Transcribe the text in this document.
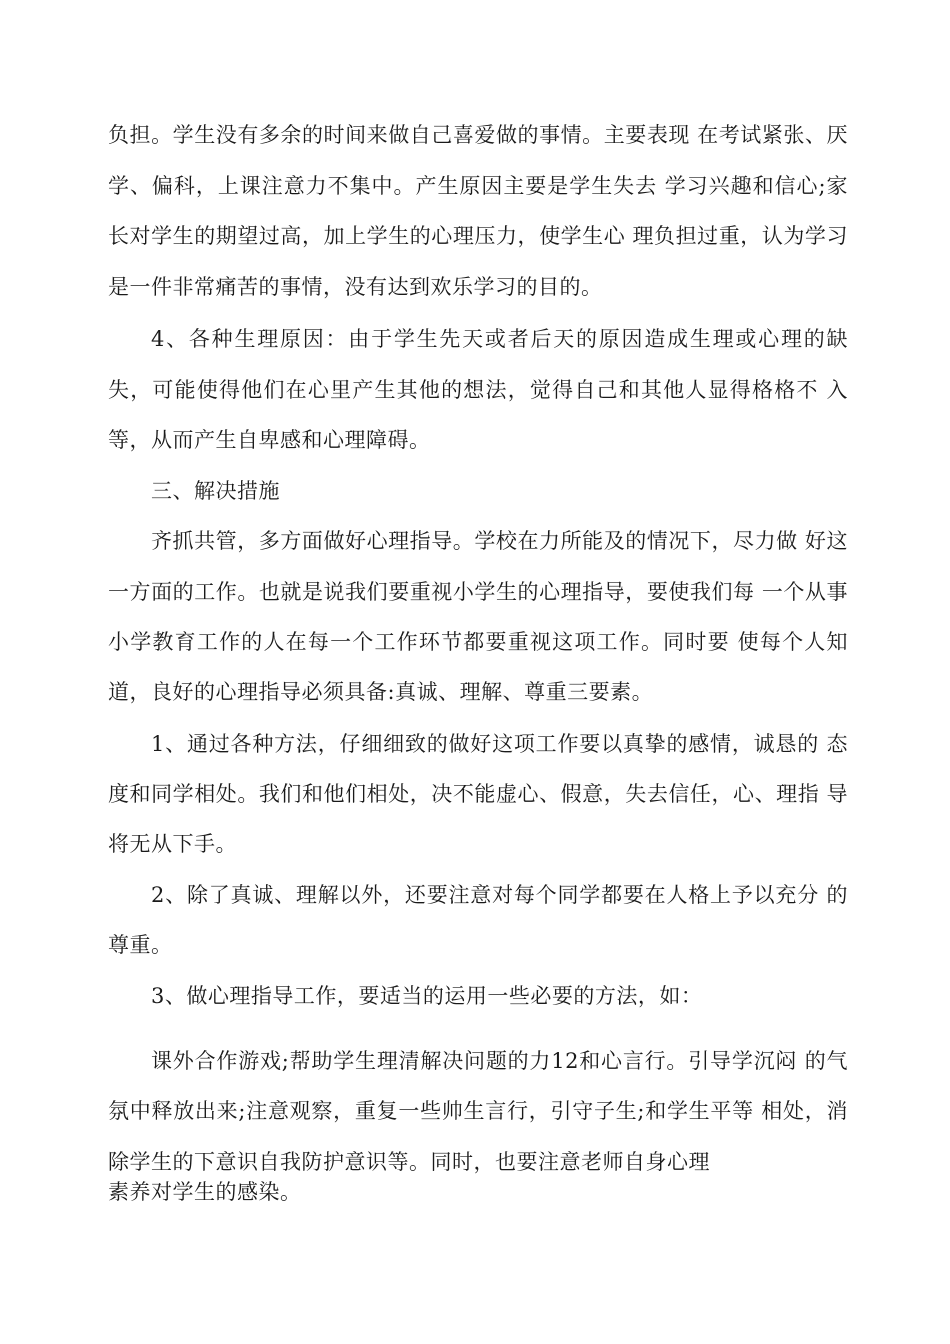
负担。学生没有多余的时间来做自己喜爱做的事情。主要表现 在考试紧张、厌
学、偏科，上课注意力不集中。产生原因主要是学生失去 学习兴趣和信心;家
长对学生的期望过高，加上学生的心理压力，使学生心 理负担过重，认为学习
是一件非常痛苦的事情，没有达到欢乐学习的目的。
4、各种生理原因：由于学生先天或者后天的原因造成生理或心理的缺
失，可能使得他们在心里产生其他的想法，觉得自己和其他人显得格格不 入
等，从而产生自卑感和心理障碍。
三、解决措施
齐抓共管，多方面做好心理指导。学校在力所能及的情况下，尽力做 好这
一方面的工作。也就是说我们要重视小学生的心理指导，要使我们每 一个从事
小学教育工作的人在每一个工作环节都要重视这项工作。同时要 使每个人知
道，良好的心理指导必须具备:真诚、理解、尊重三要素。
1、通过各种方法，仔细细致的做好这项工作要以真挚的感情，诚恳的 态
度和同学相处。我们和他们相处，决不能虚心、假意，失去信任，心、理指 导
将无从下手。
2、除了真诚、理解以外，还要注意对每个同学都要在人格上予以充分 的
尊重。
3、做心理指导工作，要适当的运用一些必要的方法，如：
课外合作游戏;帮助学生理清解决问题的力12和心言行。引导学沉闷 的气
氛中释放出来;注意观察，重复一些帅生言行，引守子生;和学生平等 相处，消
除学生的下意识自我防护意识等。同时，也要注意老师自身心理
素养对学生的感染。
